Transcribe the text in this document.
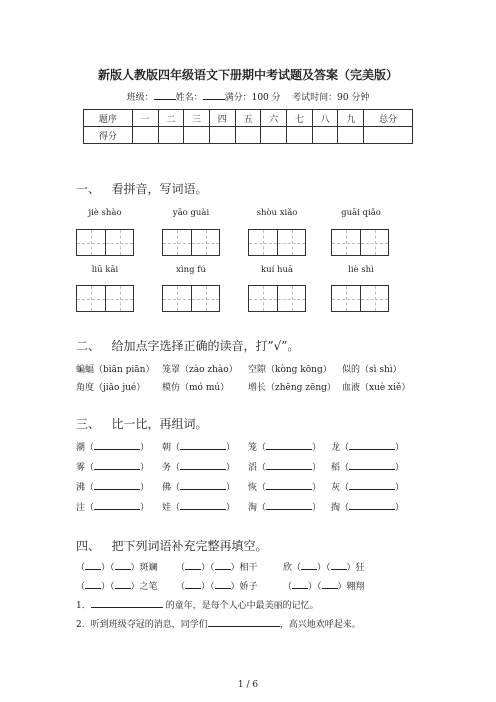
新版人教版四年级语文下册期中考试题及答案（完美版）
班级： 姓名： 满分：100 分 考试时间：90 分钟
题序	一	二	三	四	五	六	七	八	九	总分
得分										
一、 看拼音，写词语。
jiè shào	yāo guài	shòu xiǎo	guāi qiǎo
liū kāi	xìng fú	kuí huā	liè shì
二、 给加点字选择正确的读音，打”√”。
蝙蝠（biān piān） 笼罩（zào zhào） 空隙（kòng kōng） 似的（sì shì）
角度（jiǎo jué） 模仿（mó mú） 增长（zhēng zēng） 血液（xuè xiě）
三、 比一比，再组词。
潮（	） 朝（	） 笼（	） 龙（	）
雾（	） 务（	） 滔（	） 稻（	）
沸（	） 佛（	） 恢（	） 灰（	）
注（	） 娃（	） 淘（	） 掏（	）
四、 把下列词语补充完整再填空。
（ ）（ ）斑斓 （ ）（ ）相干	欣（ ）（ ）狂
（ ）（ ）之笔 （ ）（ ）娇子	（ ）（ ）翱翔
1．	的童年，是每个人心中最美丽的记忆。
2．听到班级夺冠的消息，同学们	，高兴地欢呼起来。
1 / 6
